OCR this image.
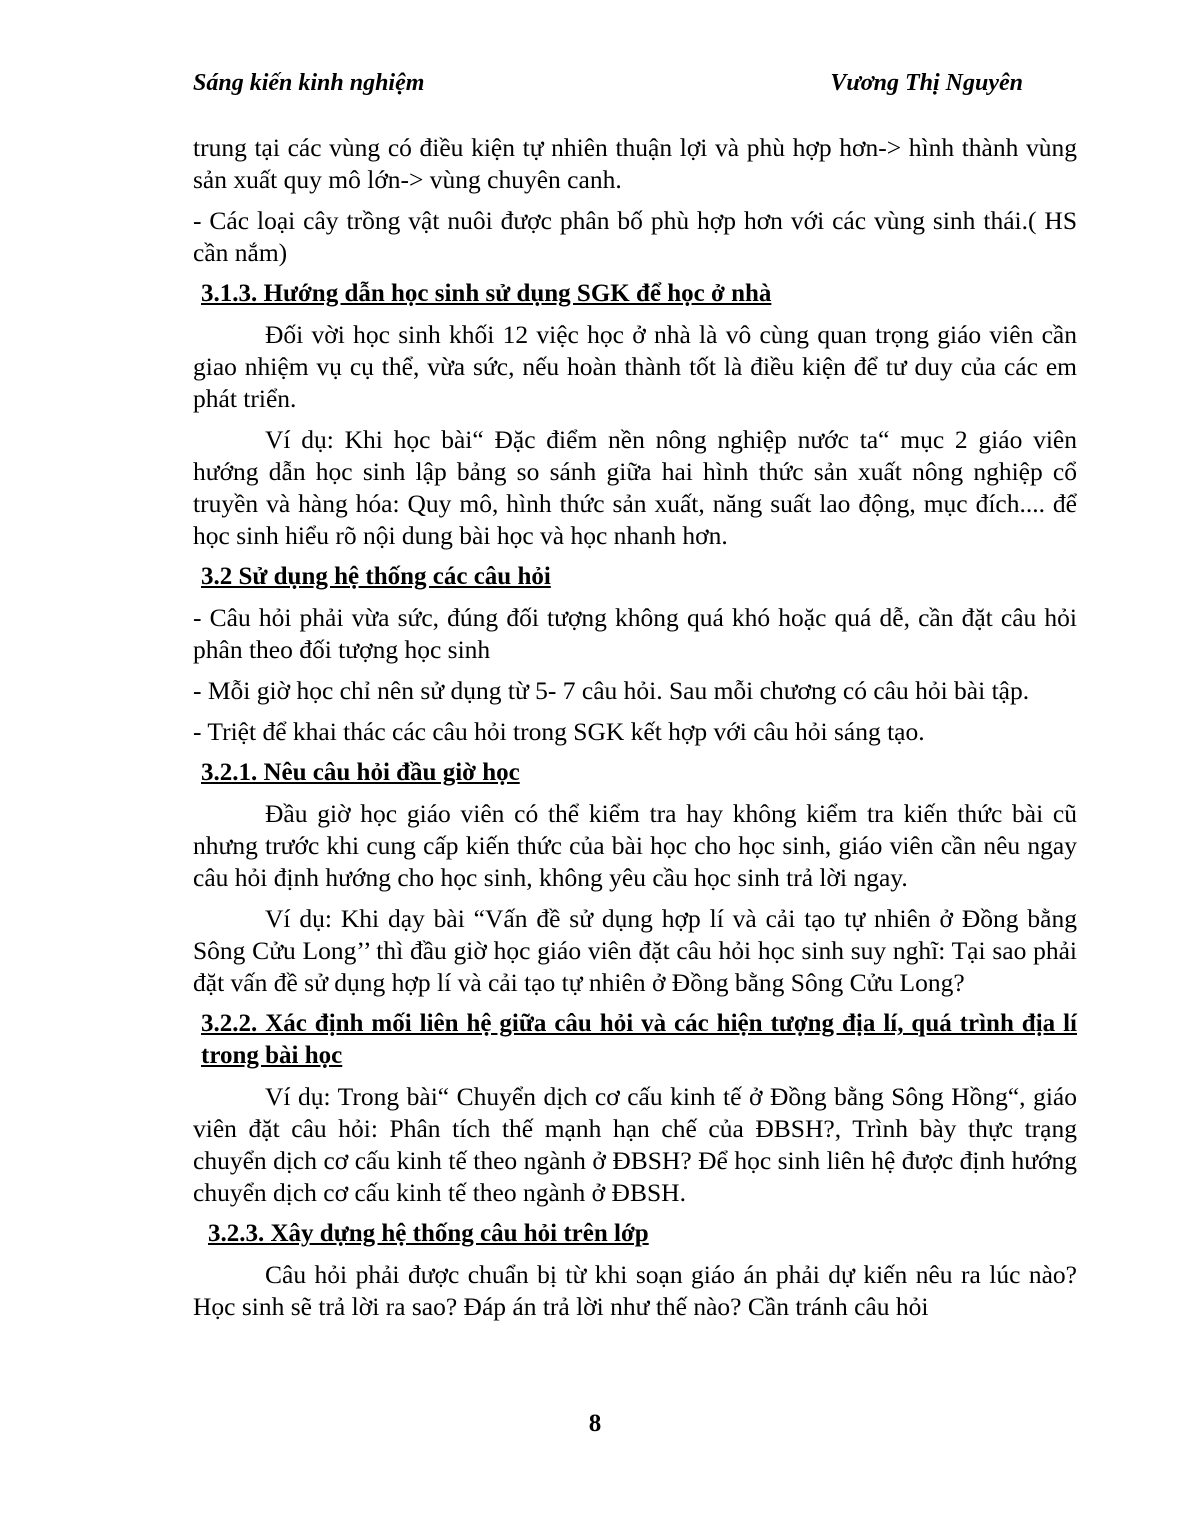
Sáng kiến kinh nghiệm	Vương Thị Nguyên

trung tại các vùng có điều kiện tự nhiên thuận lợi và phù hợp hơn-> hình thành vùng sản xuất quy mô lớn-> vùng chuyên canh.

- Các loại cây trồng vật nuôi được phân bố phù hợp hơn với các vùng sinh thái.( HS cần nắm)

3.1.3. Hướng dẫn học sinh sử dụng SGK để học ở nhà

Đối vời học sinh khối 12 việc học ở nhà là vô cùng quan trọng giáo viên cần giao nhiệm vụ cụ thể, vừa sức, nếu hoàn thành tốt là điều kiện để tư duy của các em phát triển.

Ví dụ: Khi học bài“ Đặc điểm nền nông nghiệp nước ta“ mục 2 giáo viên hướng dẫn học sinh lập bảng so sánh giữa hai hình thức sản xuất nông nghiệp cổ truyền và hàng hóa: Quy mô, hình thức sản xuất, năng suất lao động, mục đích.... để học sinh hiểu rõ nội dung bài học và học nhanh hơn.

3.2 Sử dụng hệ thống các câu hỏi

- Câu hỏi phải vừa sức, đúng đối tượng không quá khó hoặc quá dễ, cần đặt câu hỏi phân theo đối tượng học sinh

- Mỗi giờ học chỉ nên sử dụng từ 5- 7 câu hỏi. Sau mỗi chương có câu hỏi bài tập.

- Triệt để khai thác các câu hỏi trong SGK kết hợp với câu hỏi sáng tạo.

3.2.1. Nêu câu hỏi đầu giờ học

Đầu giờ học giáo viên có thể kiểm tra hay không kiểm tra kiến thức bài cũ nhưng trước khi cung cấp kiến thức của bài học cho học sinh, giáo viên cần nêu ngay câu hỏi định hướng cho học sinh, không yêu cầu học sinh trả lời ngay.

Ví dụ: Khi dạy bài “Vấn đề sử dụng hợp lí và cải tạo tự nhiên ở Đồng bằng Sông Cửu Long’’ thì đầu giờ học giáo viên đặt câu hỏi học sinh suy nghĩ: Tại sao phải đặt vấn đề sử dụng hợp lí và cải tạo tự nhiên ở Đồng bằng Sông Cửu Long?

3.2.2. Xác định mối liên hệ giữa câu hỏi và các hiện tượng địa lí, quá trình địa lí trong bài học

Ví dụ: Trong bài“ Chuyển dịch cơ cấu kinh tế ở Đồng bằng Sông Hồng“, giáo viên đặt câu hỏi: Phân tích thế mạnh hạn chế của ĐBSH?, Trình bày thực trạng chuyển dịch cơ cấu kinh tế theo ngành ở ĐBSH? Để học sinh liên hệ được định hướng chuyển dịch cơ cấu kinh tế theo ngành ở ĐBSH.

3.2.3. Xây dựng hệ thống câu hỏi trên lớp

Câu hỏi phải được chuẩn bị từ khi soạn giáo án phải dự kiến nêu ra lúc nào? Học sinh sẽ trả lời ra sao? Đáp án trả lời như thế nào? Cần tránh câu hỏi

8
